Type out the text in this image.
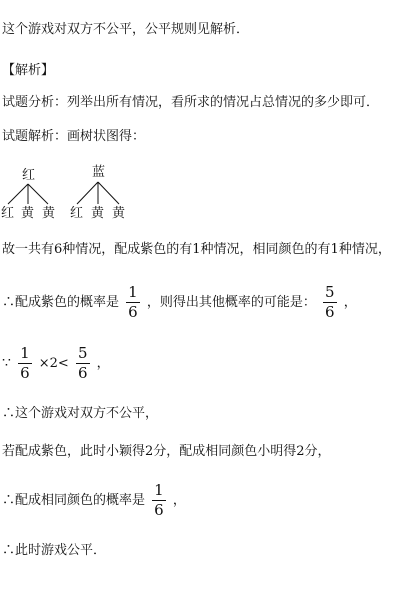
这个游戏对双方不公平，公平规则见解析．
【解析】
试题分析：列举出所有情况，看所求的情况占总情况的多少即可．
试题解析：画树状图得：
红
红 黄 黄
蓝
红 黄 黄
故一共有6种情况，配成紫色的有1种情况，相同颜色的有1种情况，
∴配成紫色的概率是 $\frac{1}{6}$ ，则得出其他概率的可能是： $\frac{5}{6}$ ，
∵ $\frac{1}{6} \times 2< \frac{5}{6}$ ，
∴这个游戏对双方不公平，
若配成紫色，此时小颖得2分，配成相同颜色小明得2分，
∴配成相同颜色的概率是 $\frac{1}{6}$ ，
∴此时游戏公平．
